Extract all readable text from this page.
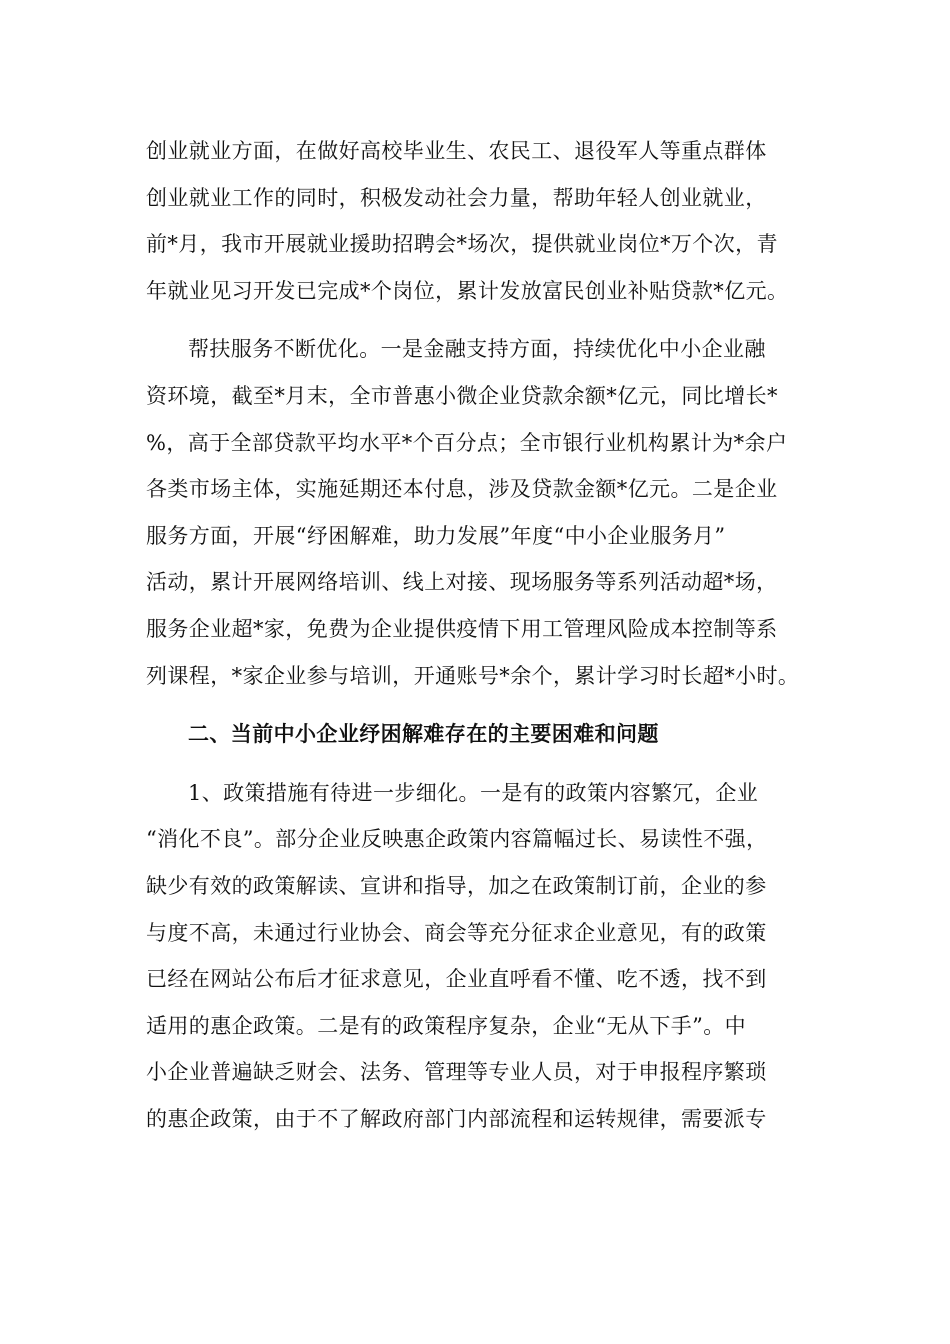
创业就业方面，在做好高校毕业生、农民工、退役军人等重点群体
创业就业工作的同时，积极发动社会力量，帮助年轻人创业就业，
前*月，我市开展就业援助招聘会*场次，提供就业岗位*万个次，青
年就业见习开发已完成*个岗位，累计发放富民创业补贴贷款*亿元。
帮扶服务不断优化。一是金融支持方面，持续优化中小企业融
资环境，截至*月末，全市普惠小微企业贷款余额*亿元，同比增长*
%，高于全部贷款平均水平*个百分点；全市银行业机构累计为*余户
各类市场主体，实施延期还本付息，涉及贷款金额*亿元。二是企业
服务方面，开展“纾困解难，助力发展”年度“中小企业服务月”
活动，累计开展网络培训、线上对接、现场服务等系列活动超*场，
服务企业超*家，免费为企业提供疫情下用工管理风险成本控制等系
列课程，*家企业参与培训，开通账号*余个，累计学习时长超*小时。
二、当前中小企业纾困解难存在的主要困难和问题
1、政策措施有待进一步细化。一是有的政策内容繁冗，企业
“消化不良”。部分企业反映惠企政策内容篇幅过长、易读性不强，
缺少有效的政策解读、宣讲和指导，加之在政策制订前，企业的参
与度不高，未通过行业协会、商会等充分征求企业意见，有的政策
已经在网站公布后才征求意见，企业直呼看不懂、吃不透，找不到
适用的惠企政策。二是有的政策程序复杂，企业“无从下手”。中
小企业普遍缺乏财会、法务、管理等专业人员，对于申报程序繁琐
的惠企政策，由于不了解政府部门内部流程和运转规律，需要派专
